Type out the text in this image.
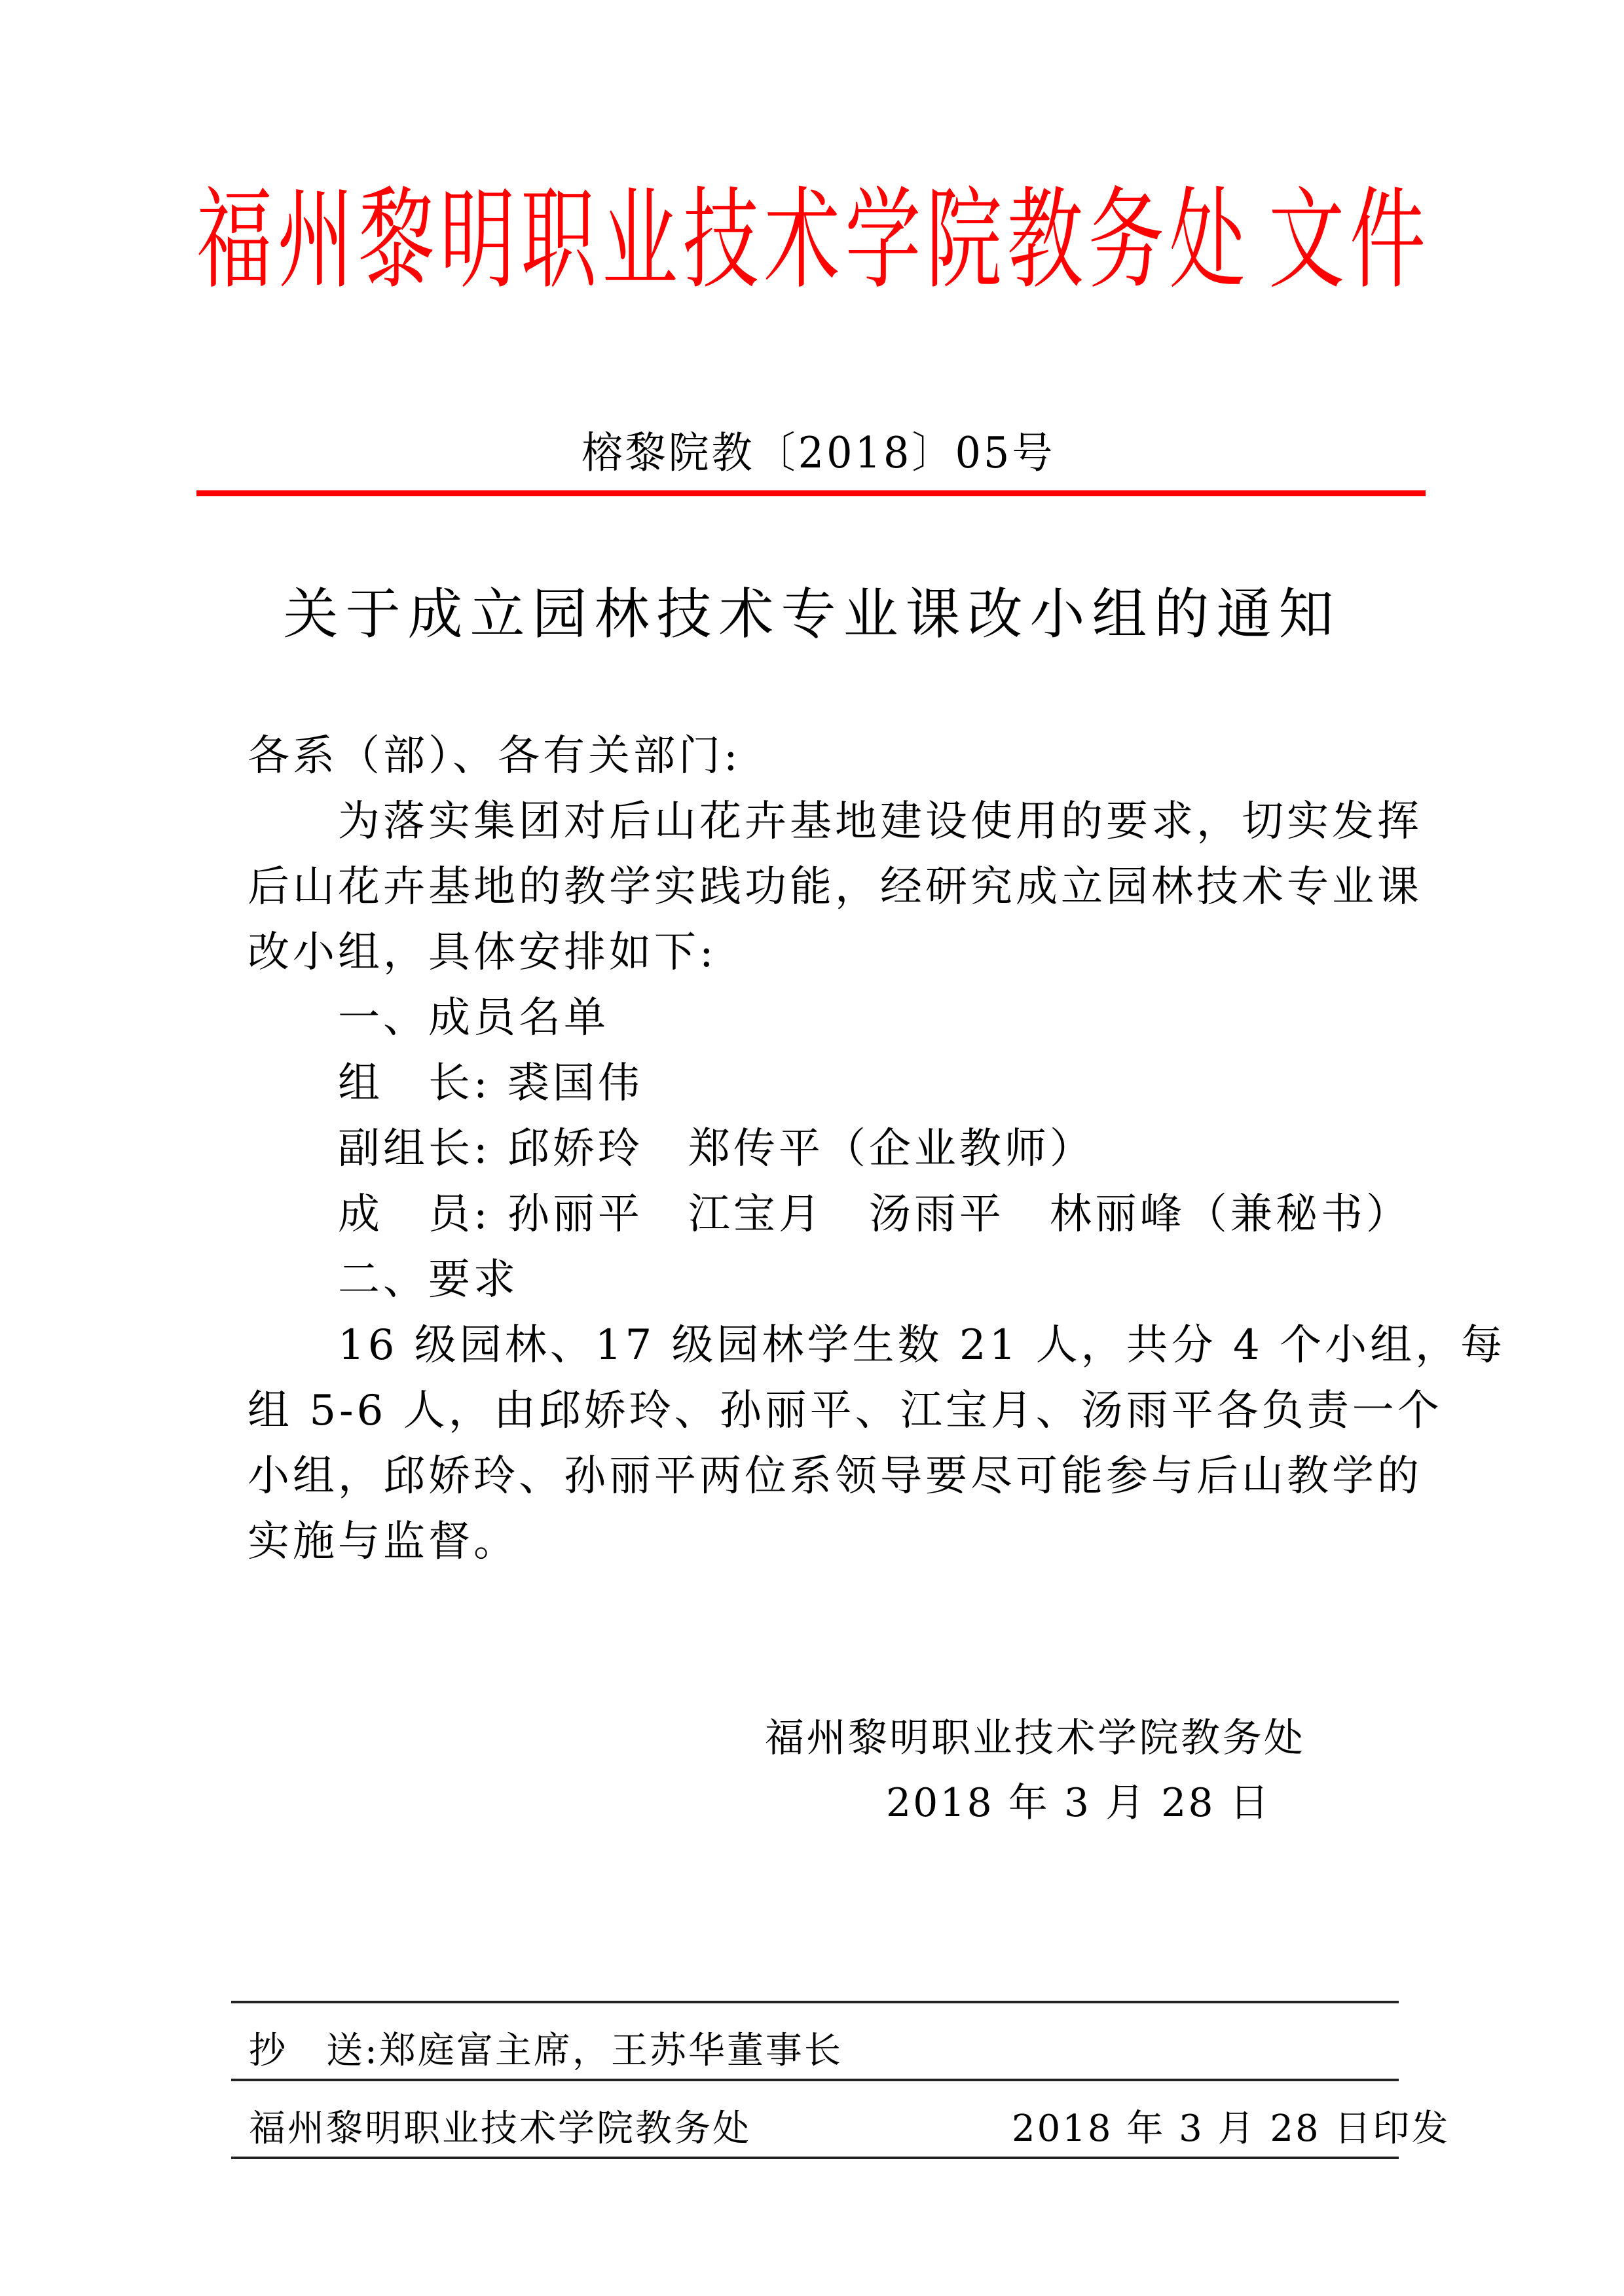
福 州 黎 明 职 业 技 术 学 院 教 务 处 文 件
榕黎院教〔2018〕05号
关于成立园林技术专业课改小组的通知
各系（部）、各有关部门:
为落实集团对后山花卉基地建设使用的要求，切实发挥
后山花卉基地的教学实践功能，经研究成立园林技术专业课
改小组，具体安排如下:
一、成员名单
组　长: 裘国伟
副组长: 邱娇玲　郑传平（企业教师）
成　员: 孙丽平　江宝月　汤雨平　林丽峰（兼秘书）
二、要求
16 级园林、17 级园林学生数 21 人，共分 4 个小组，每
组 5-6 人，由邱娇玲、孙丽平、江宝月、汤雨平各负责一个
小组，邱娇玲、孙丽平两位系领导要尽可能参与后山教学的
实施与监督。
福州黎明职业技术学院教务处
2018 年 3 月 28 日
抄　送:郑庭富主席，王苏华董事长
福州黎明职业技术学院教务处	2018 年 3 月 28 日印发
